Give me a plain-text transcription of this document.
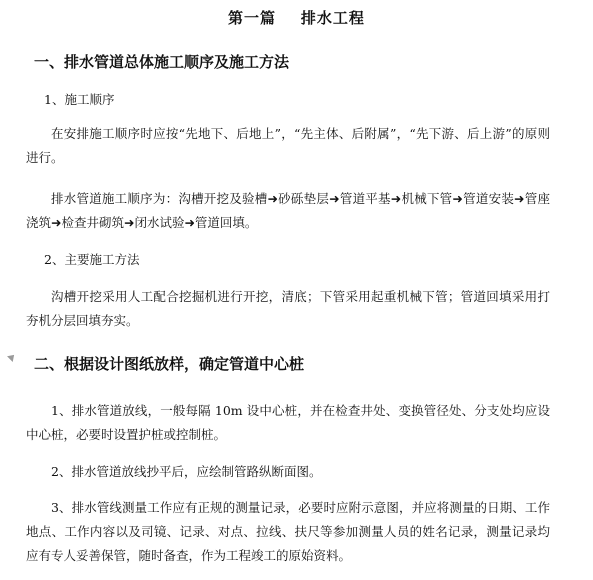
第一篇    排水工程
一、排水管道总体施工顺序及施工方法
1、施工顺序
在安排施工顺序时应按“先地下、后地上”，“先主体、后附属”，“先下游、后上游”的原则进行。
排水管道施工顺序为：沟槽开挖及验槽➜砂砾垫层➜管道平基➜机械下管➜管道安装➜管座浇筑➜检查井砌筑➜闭水试验➜管道回填。
2、主要施工方法
沟槽开挖采用人工配合挖掘机进行开挖，清底；下管采用起重机械下管；管道回填采用打夯机分层回填夯实。
二、根据设计图纸放样，确定管道中心桩
1、排水管道放线，一般每隔 10m 设中心桩，并在检查井处、变换管径处、分支处均应设中心桩，必要时设置护桩或控制桩。
2、排水管道放线抄平后，应绘制管路纵断面图。
3、排水管线测量工作应有正规的测量记录，必要时应附示意图，并应将测量的日期、工作地点、工作内容以及司镜、记录、对点、拉线、扶尺等参加测量人员的姓名记录，测量记录均应有专人妥善保管，随时备查，作为工程竣工的原始资料。
